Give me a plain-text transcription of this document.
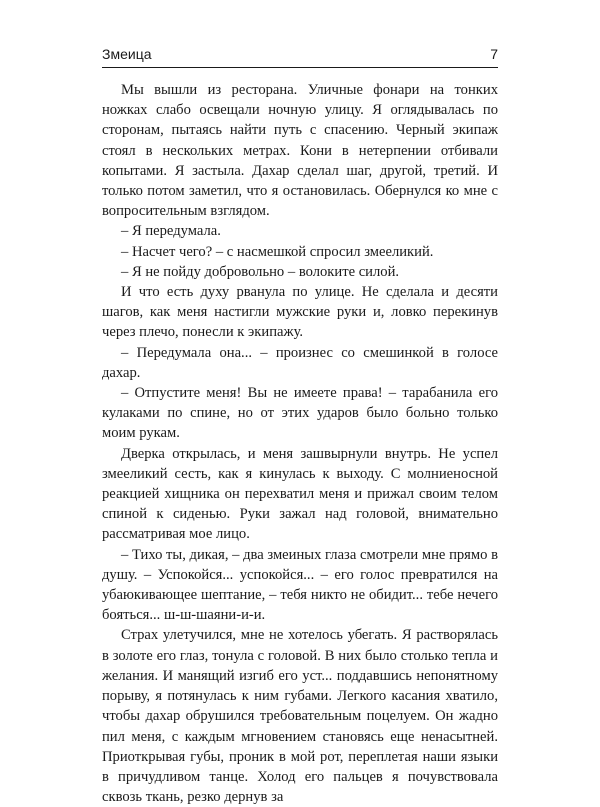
Змеица	7

Мы вышли из ресторана. Уличные фонари на тонких ножках слабо освещали ночную улицу. Я оглядывалась по сторонам, пытаясь найти путь с спасению. Черный экипаж стоял в нескольких метрах. Кони в нетерпении отбивали копытами. Я застыла. Дахар сделал шаг, другой, третий. И только потом заметил, что я остановилась. Обернулся ко мне с вопросительным взглядом.

– Я передумала.

– Насчет чего? – с насмешкой спросил змееликий.

– Я не пойду добровольно – волоките силой.

И что есть духу рванула по улице. Не сделала и десяти шагов, как меня настигли мужские руки и, ловко перекинув через плечо, понесли к экипажу.

– Передумала она... – произнес со смешинкой в голосе дахар.

– Отпустите меня! Вы не имеете права! – тарабанила его кулаками по спине, но от этих ударов было больно только моим рукам.

Дверка открылась, и меня зашвырнули внутрь. Не успел змееликий сесть, как я кинулась к выходу. С молниеносной реакцией хищника он перехватил меня и прижал своим телом спиной к сиденью. Руки зажал над головой, внимательно рассматривая мое лицо.

– Тихо ты, дикая, – два змеиных глаза смотрели мне прямо в душу. – Успокойся... успокойся... – его голос превратился на убаюкивающее шептание, – тебя никто не обидит... тебе нечего бояться... ш-ш-шаяни-и-и.

Страх улетучился, мне не хотелось убегать. Я растворялась в золоте его глаз, тонула с головой. В них было столько тепла и желания. И манящий изгиб его уст... поддавшись непонятному порыву, я потянулась к ним губами. Легкого касания хватило, чтобы дахар обрушился требовательным поцелуем. Он жадно пил меня, с каждым мгновением становясь еще ненасытней. Приоткрывая губы, проник в мой рот, переплетая наши языки в причудливом танце. Холод его пальцев я почувствовала сквозь ткань, резко дернув за
